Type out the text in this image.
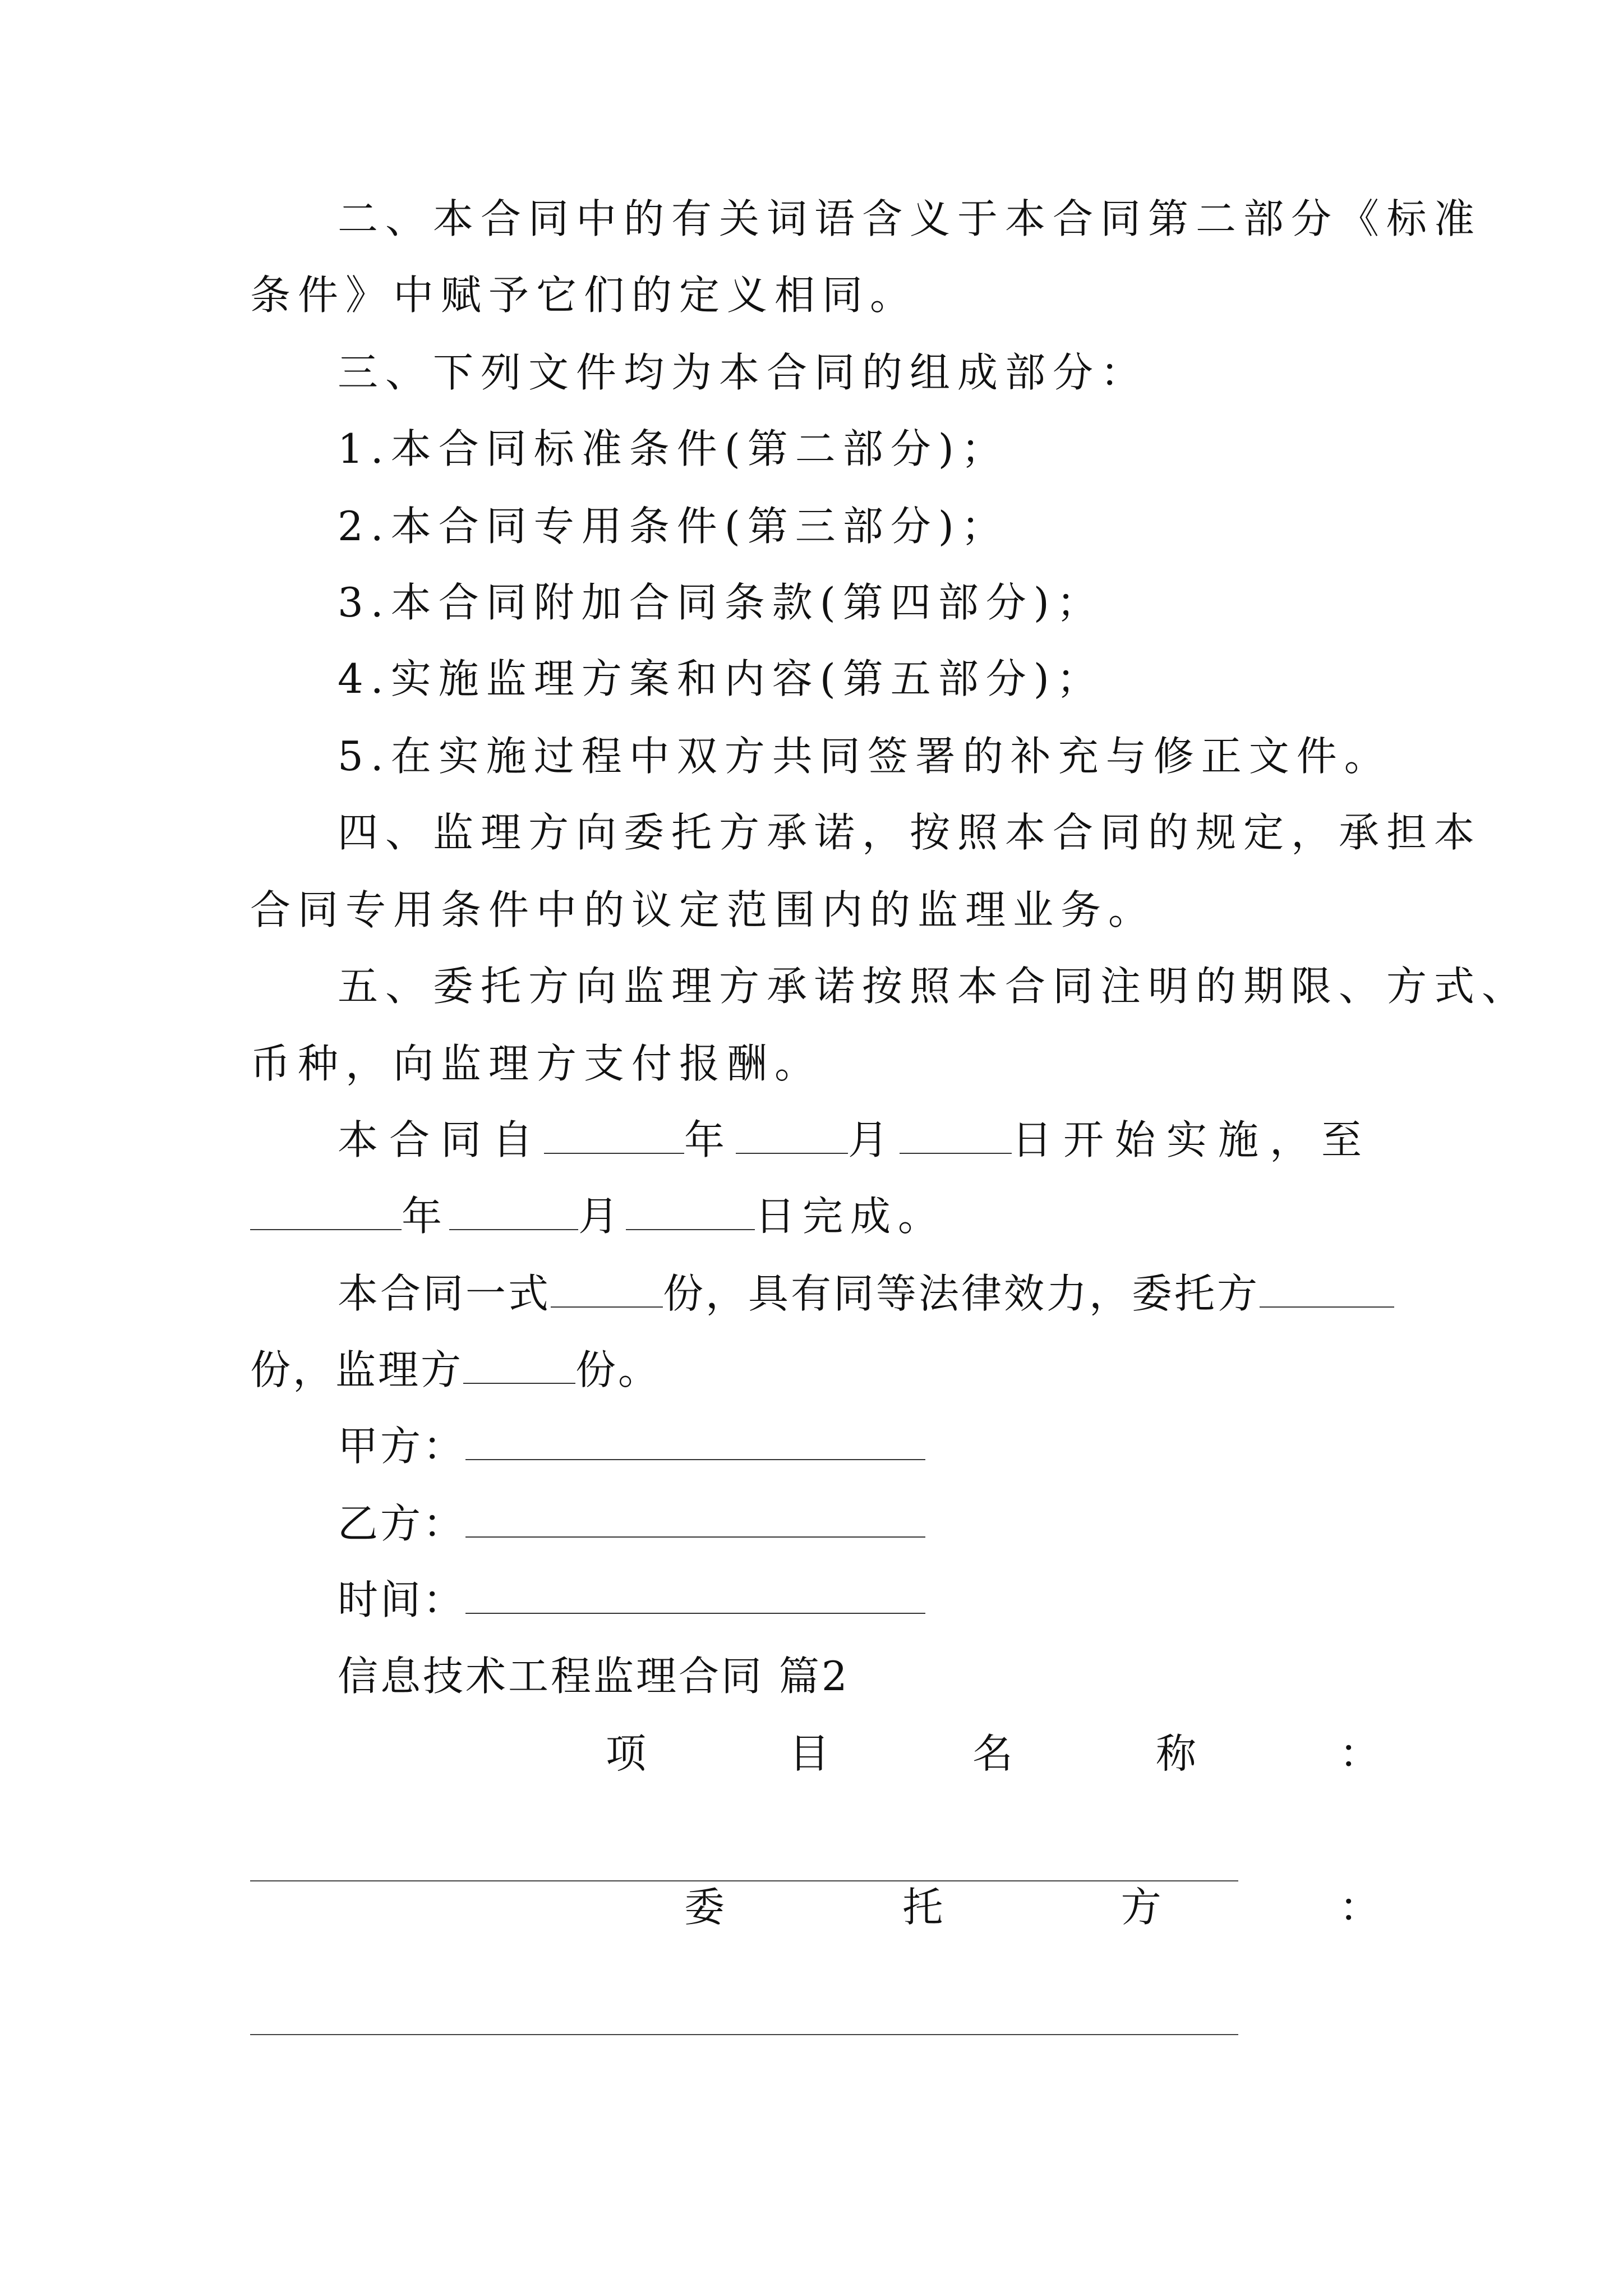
二、本合同中的有关词语含义于本合同第二部分《标准
条件》中赋予它们的定义相同。
三、下列文件均为本合同的组成部分：
1.本合同标准条件(第二部分)；
2.本合同专用条件(第三部分)；
3.本合同附加合同条款(第四部分)；
4.实施监理方案和内容(第五部分)；
5.在实施过程中双方共同签署的补充与修正文件。
四、监理方向委托方承诺，按照本合同的规定，承担本
合同专用条件中的议定范围内的监理业务。
五、委托方向监理方承诺按照本合同注明的期限、方式、
币种，向监理方支付报酬。
本合同自	年	月	日开始实施，至
年	月	日完成。
本合同一式	份，具有同等法律效力，委托方
份，监理方	份。
甲方：
乙方：
时间：
信息技术工程监理合同 篇2
项	目	名	称	：
委	托	方	：
